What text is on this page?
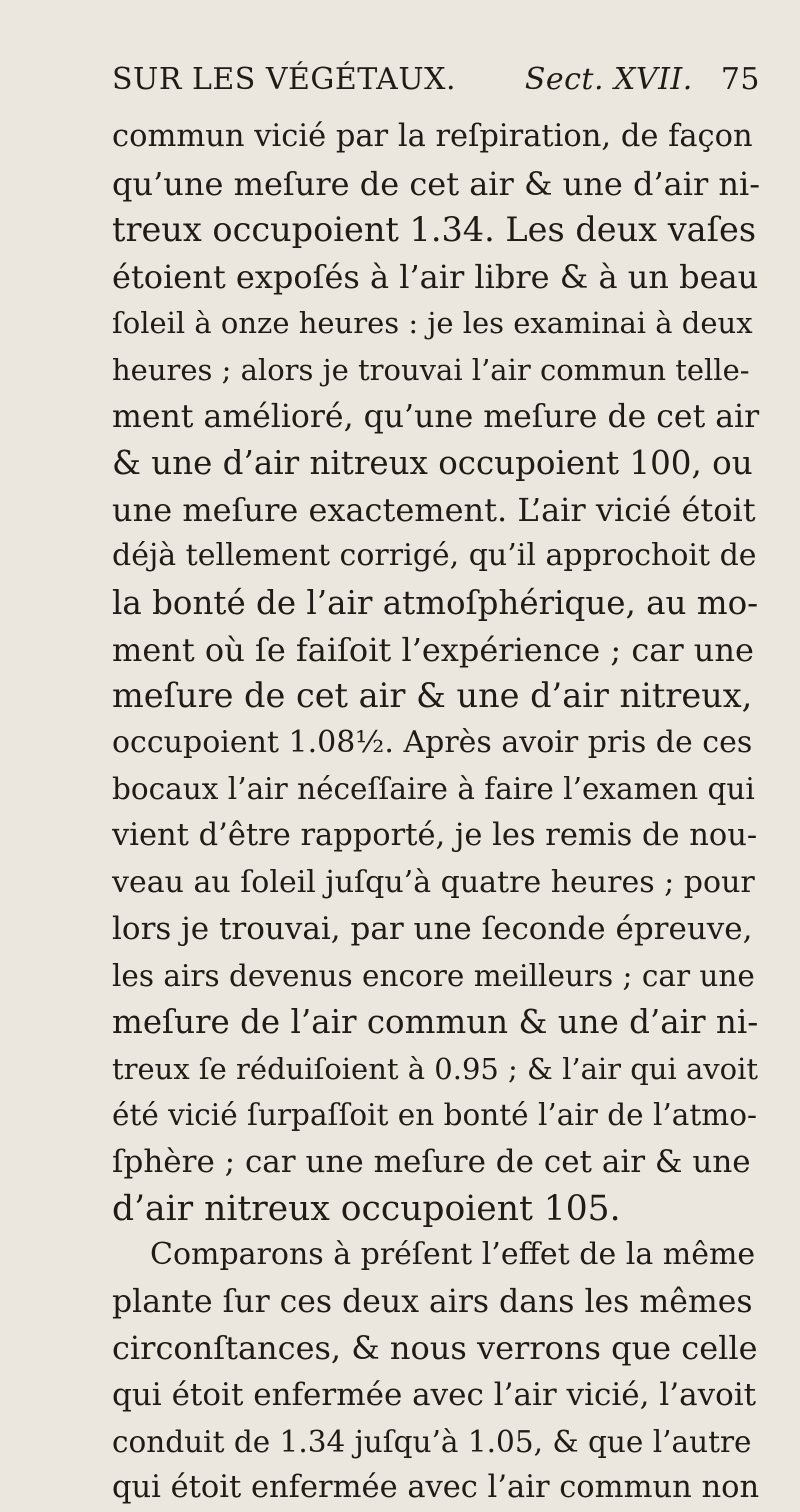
SUR LES VÉGÉTAUX. Sect. XVII. 75
commun vicié par la reſpiration, de façon
qu’une meſure de cet air & une d’air ni-
treux occupoient 1.34. Les deux vaſes
étoient expoſés à l’air libre & à un beau
ſoleil à onze heures : je les examinai à deux
heures ; alors je trouvai l’air commun telle-
ment amélioré, qu’une meſure de cet air
& une d’air nitreux occupoient 100, ou
une meſure exactement. L’air vicié étoit
déjà tellement corrigé, qu’il approchoit de
la bonté de l’air atmoſphérique, au mo-
ment où ſe faiſoit l’expérience ; car une
meſure de cet air & une d’air nitreux,
occupoient 1.08½. Après avoir pris de ces
bocaux l’air néceſſaire à faire l’examen qui
vient d’être rapporté, je les remis de nou-
veau au ſoleil juſqu’à quatre heures ; pour
lors je trouvai, par une ſeconde épreuve,
les airs devenus encore meilleurs ; car une
meſure de l’air commun & une d’air ni-
treux ſe réduiſoient à 0.95 ; & l’air qui avoit
été vicié ſurpaſſoit en bonté l’air de l’atmo-
ſphère ; car une meſure de cet air & une
d’air nitreux occupoient 105.
Comparons à préſent l’effet de la même
plante ſur ces deux airs dans les mêmes
circonſtances, & nous verrons que celle
qui étoit enfermée avec l’air vicié, l’avoit
conduit de 1.34 juſqu’à 1.05, & que l’autre
qui étoit enfermée avec l’air commun non
